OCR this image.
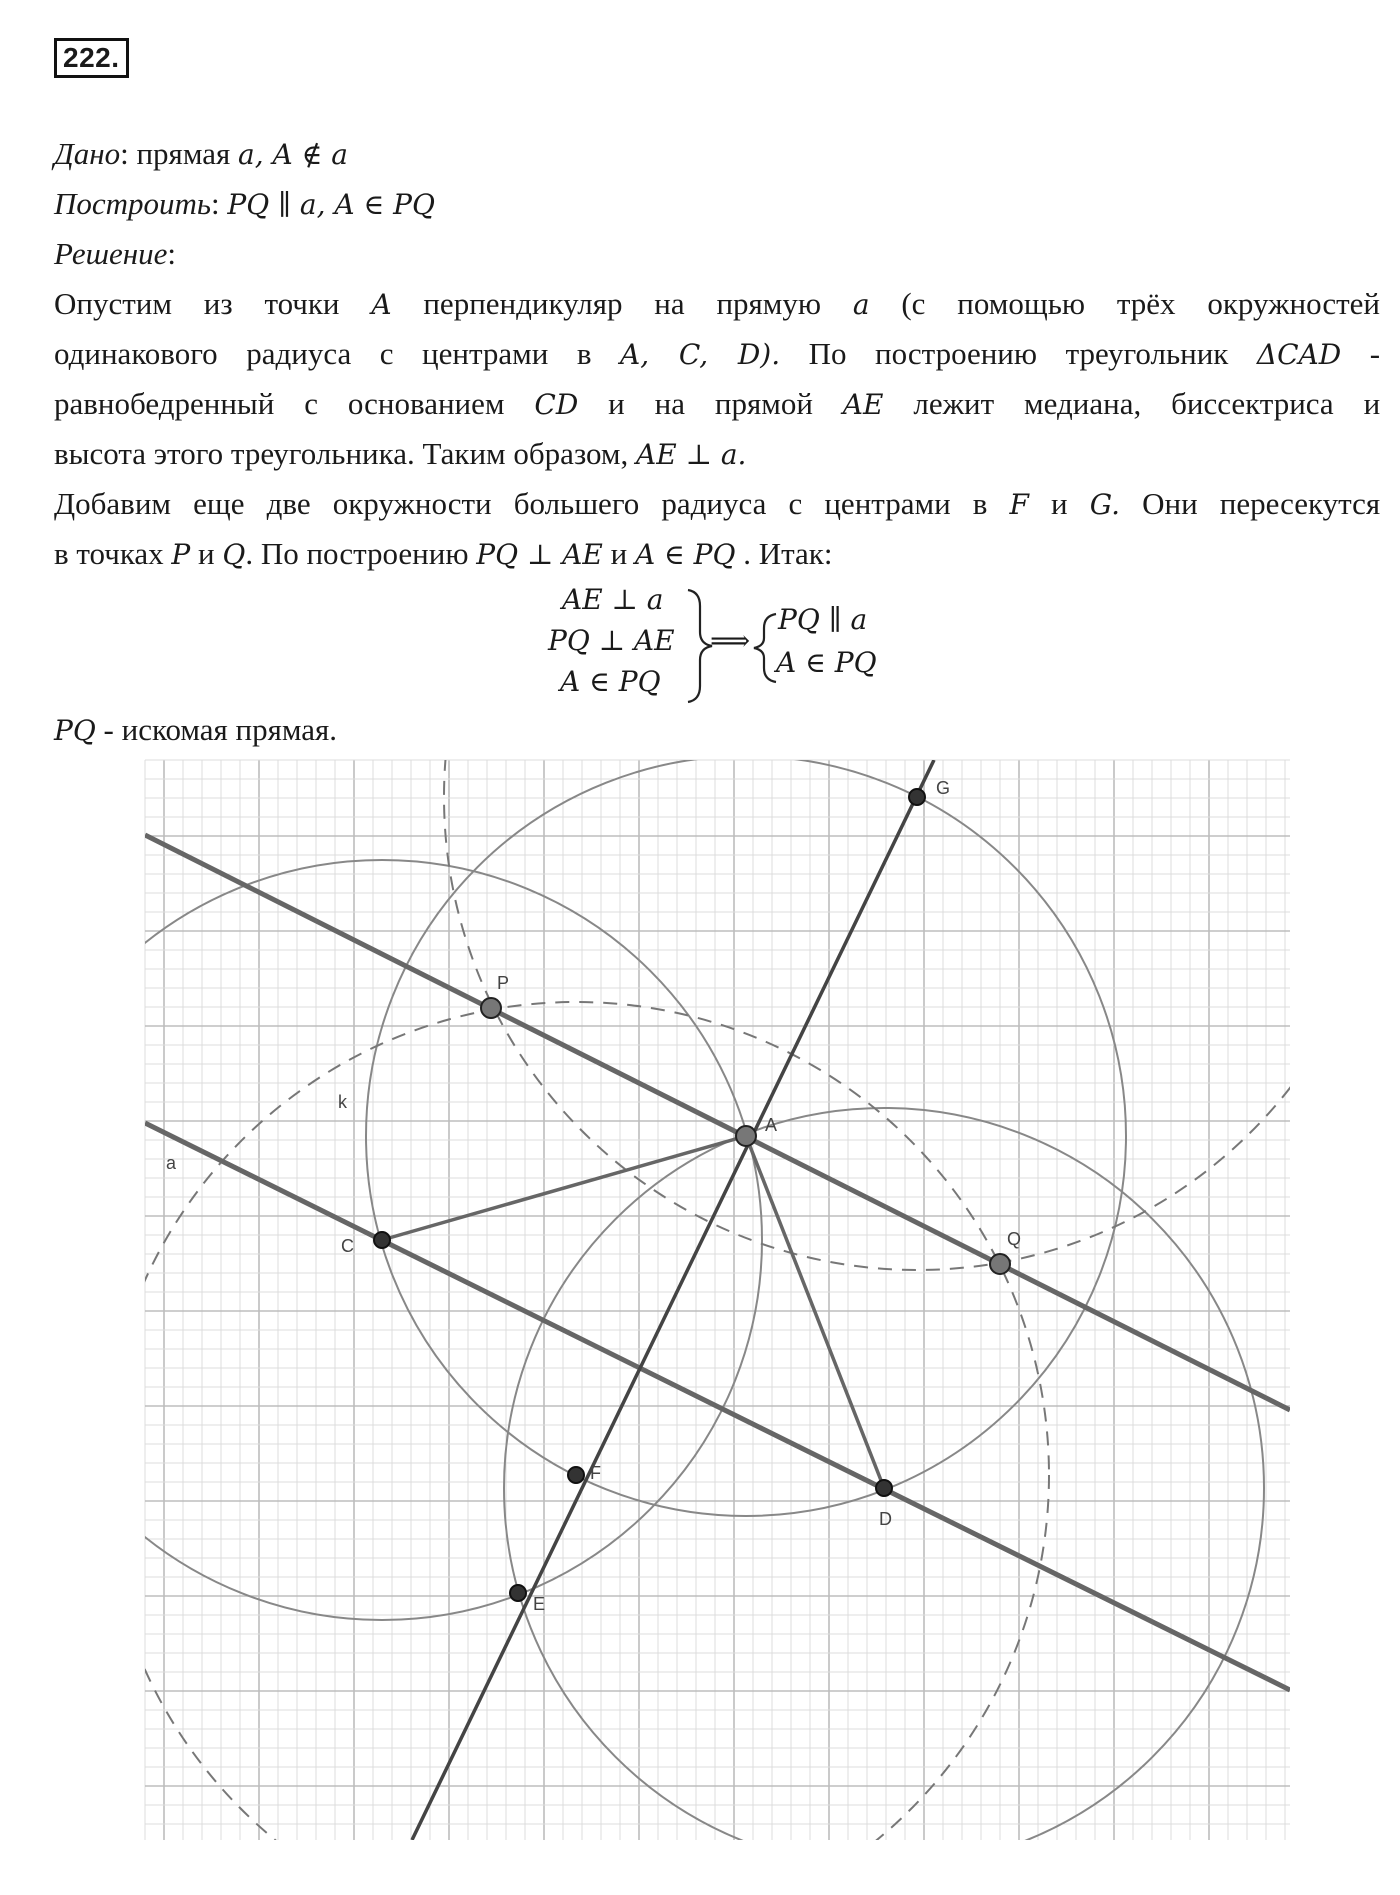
222.
Дано: прямая a, A ∉ a
Построить: PQ ∥ a, A ∈ PQ
Решение:
Опустим из точки A перпендикуляр на прямую a (с помощью трёх окружностей
одинакового радиуса с центрами в A, C, D). По построению треугольник ΔCAD -
равнобедренный с основанием CD и на прямой AE лежит медиана, биссектриса и
высота этого треугольника. Таким образом, AE ⊥ a.
Добавим еще две окружности большего радиуса с центрами в F и G. Они пересекутся
в точках P и Q. По построению PQ ⊥ AE и A ∈ PQ . Итак:
AE ⊥ a
PQ ⊥ AE
A ∈ PQ
⟹
PQ ∥ a
A ∈ PQ
PQ - искомая прямая.
G
P
A
Q
C
D
F
E
k
a
